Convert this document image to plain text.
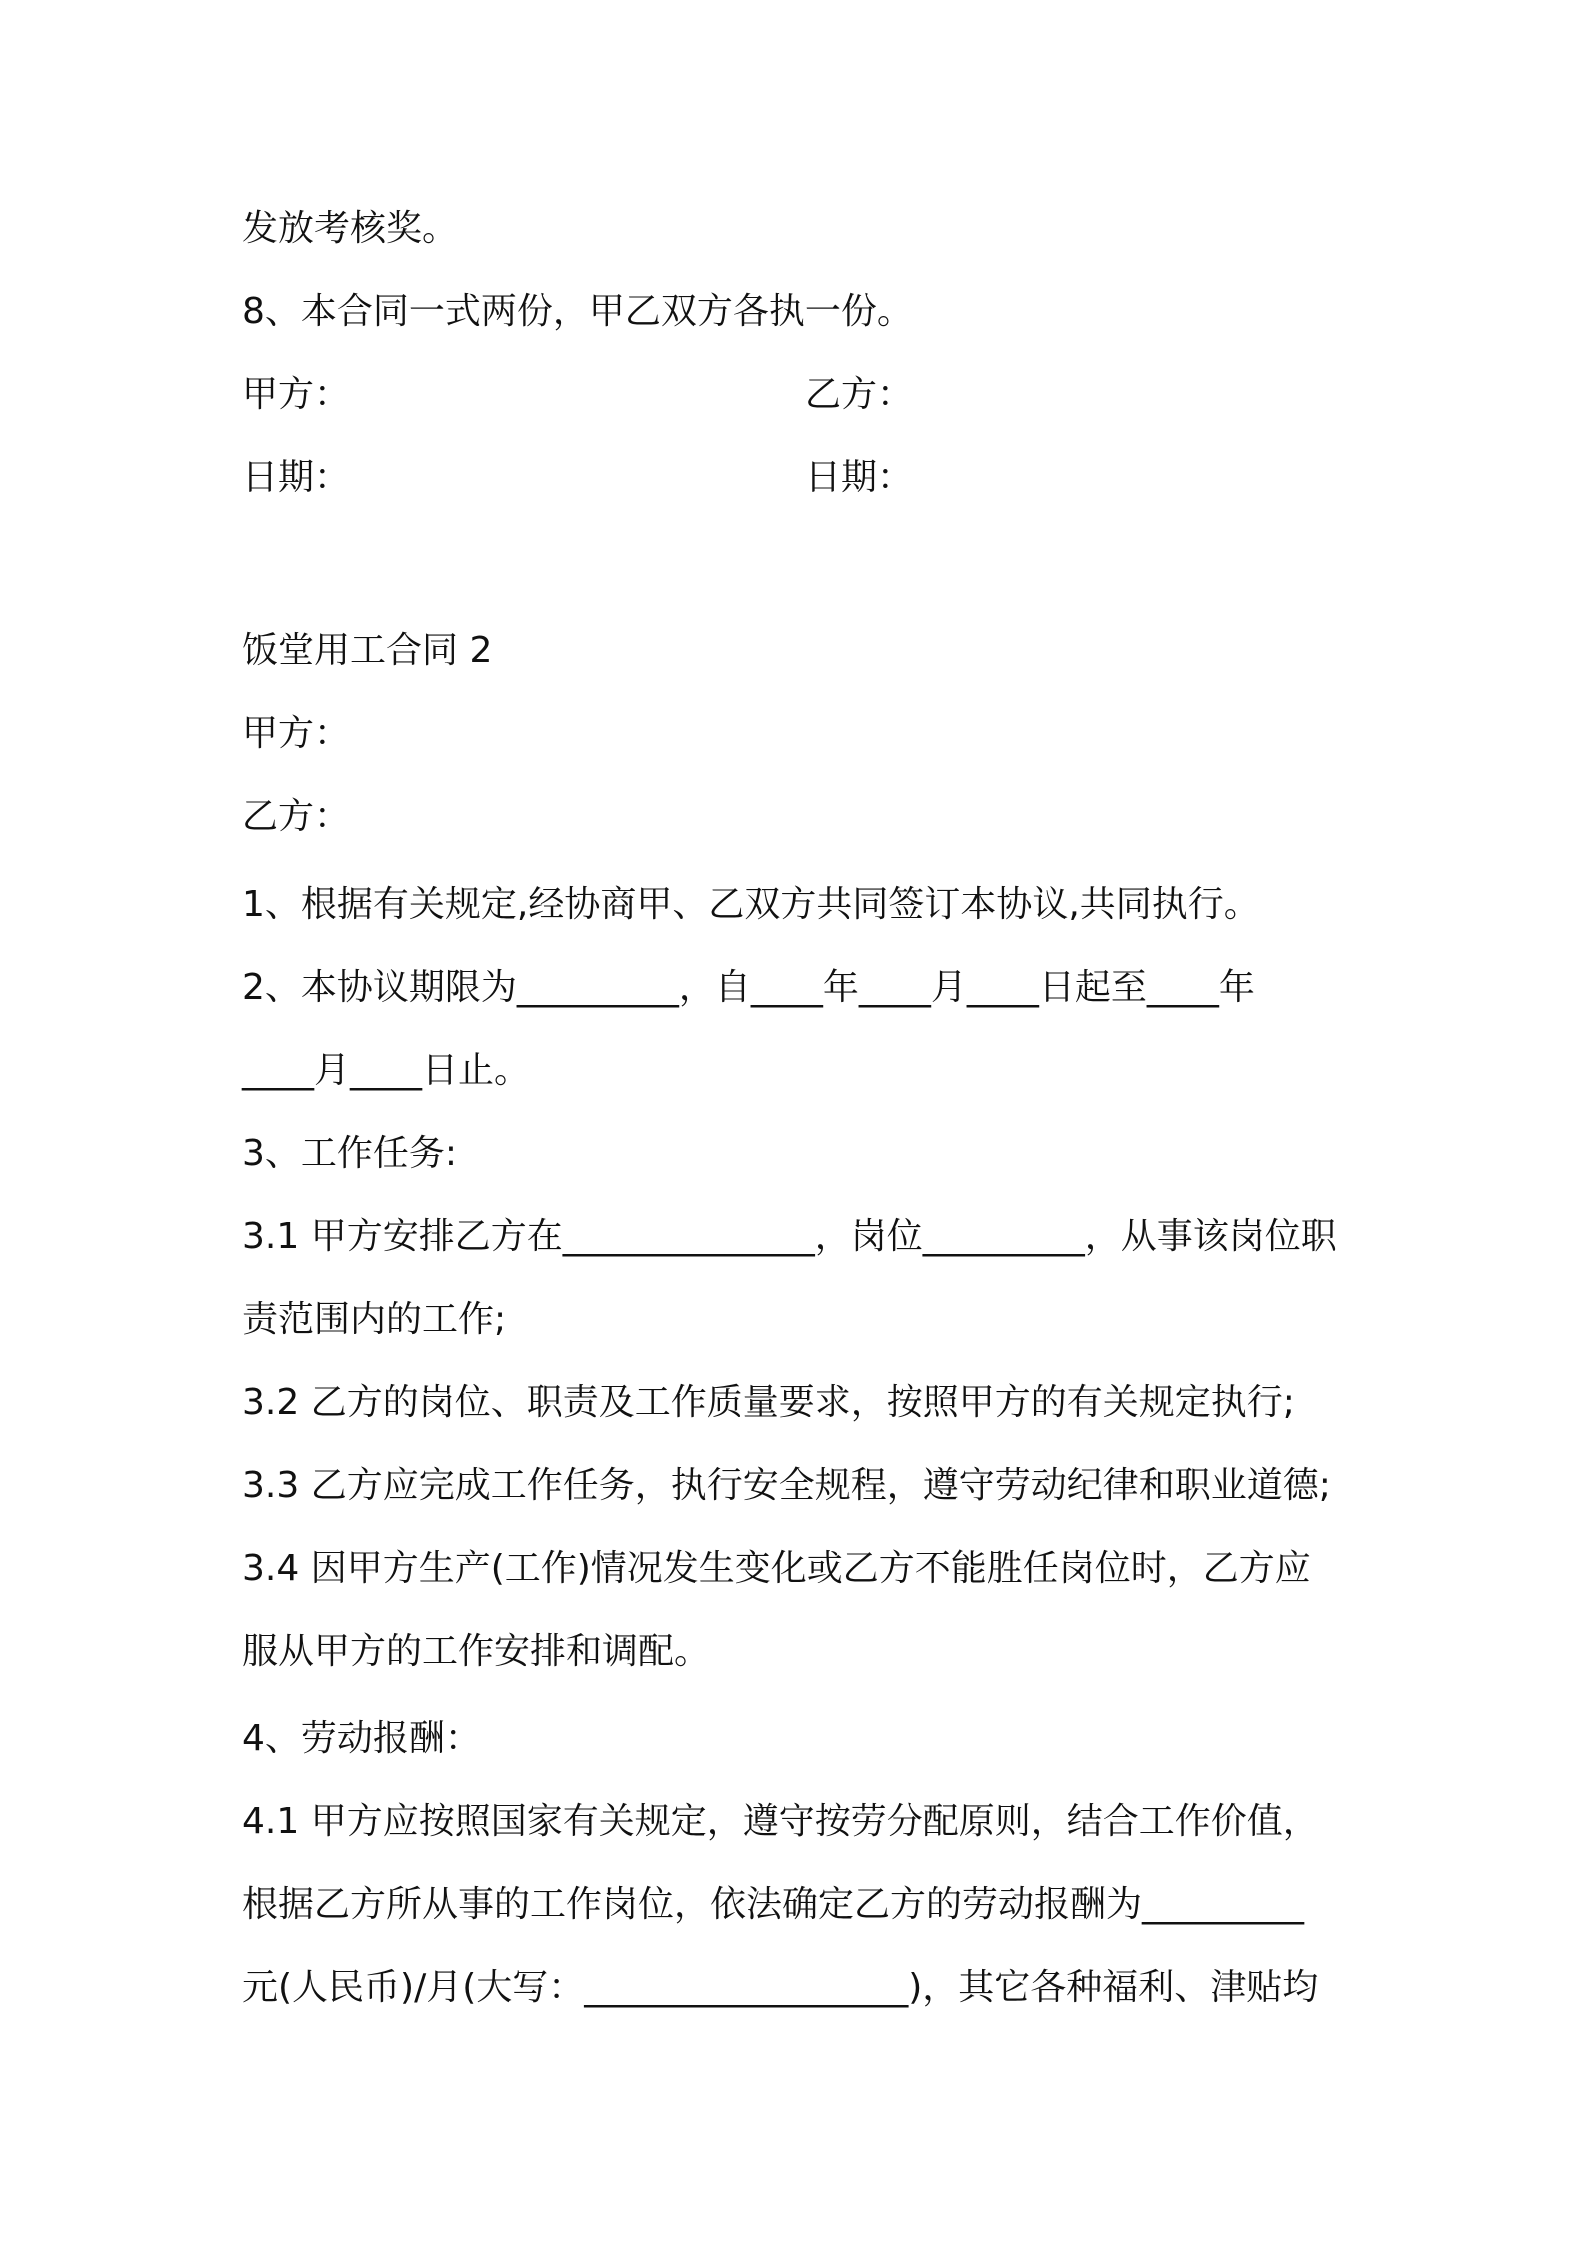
发放考核奖。
8、本合同一式两份，甲乙双方各执一份。
甲方：	乙方：
日期：	日期：
饭堂用工合同 2
甲方：
乙方：
1、根据有关规定,经协商甲、乙双方共同签订本协议,共同执行。
2、本协议期限为_________，自____年____月____日起至____年
____月____日止。
3、工作任务:
3.1 甲方安排乙方在______________，岗位_________，从事该岗位职
责范围内的工作;
3.2 乙方的岗位、职责及工作质量要求，按照甲方的有关规定执行;
3.3 乙方应完成工作任务，执行安全规程，遵守劳动纪律和职业道德;
3.4 因甲方生产(工作)情况发生变化或乙方不能胜任岗位时，乙方应
服从甲方的工作安排和调配。
4、劳动报酬：
4.1 甲方应按照国家有关规定，遵守按劳分配原则，结合工作价值，
根据乙方所从事的工作岗位，依法确定乙方的劳动报酬为_________
元(人民币)/月(大写：__________________)，其它各种福利、津贴均
